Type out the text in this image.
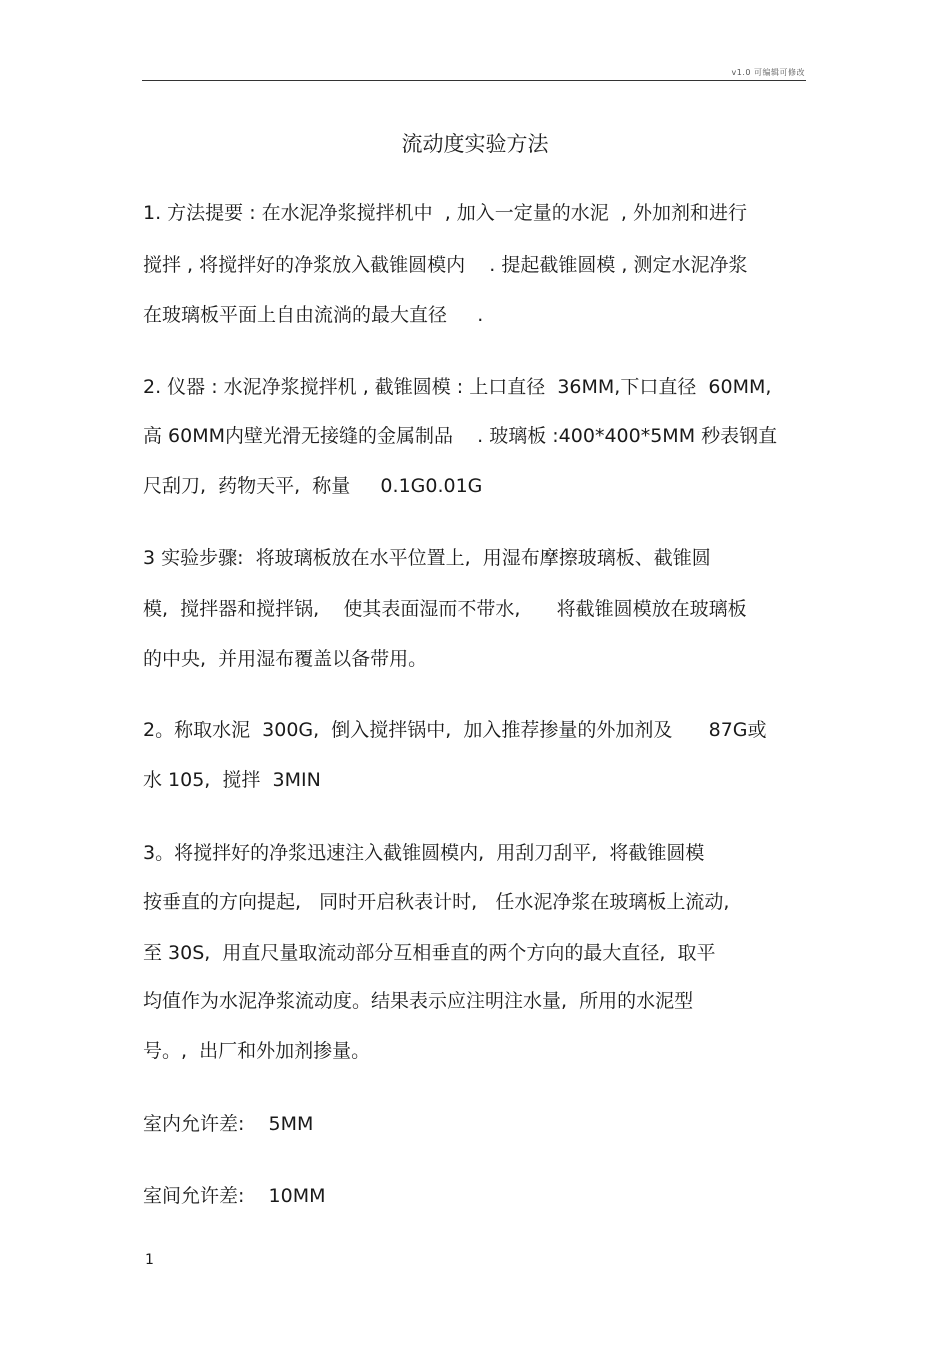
v1.0 可编辑可修改
流动度实验方法
1. 方法提要 : 在水泥净浆搅拌机中  , 加入一定量的水泥  , 外加剂和进行
搅拌 , 将搅拌好的净浆放入截锥圆模内    . 提起截锥圆模 , 测定水泥净浆
在玻璃板平面上自由流淌的最大直径     .
2. 仪器 : 水泥净浆搅拌机 , 截锥圆模 : 上口直径  36MM,下口直径  60MM,
高 60MM内壁光滑无接缝的金属制品    . 玻璃板 :400*400*5MM 秒表钢直
尺刮刀,  药物天平,  称量     0.1G0.01G
3 实验步骤:  将玻璃板放在水平位置上,  用湿布摩擦玻璃板、截锥圆
模,  搅拌器和搅拌锅,    使其表面湿而不带水,      将截锥圆模放在玻璃板
的中央,  并用湿布覆盖以备带用。
2。称取水泥  300G,  倒入搅拌锅中,  加入推荐掺量的外加剂及      87G或
水 105,  搅拌  3MIN
3。将搅拌好的净浆迅速注入截锥圆模内,  用刮刀刮平,  将截锥圆模
按垂直的方向提起,   同时开启秋表计时,   任水泥净浆在玻璃板上流动,
至 30S,  用直尺量取流动部分互相垂直的两个方向的最大直径,  取平
均值作为水泥净浆流动度。结果表示应注明注水量,  所用的水泥型
号。,  出厂和外加剂掺量。
室内允许差:    5MM
室间允许差:    10MM
1
